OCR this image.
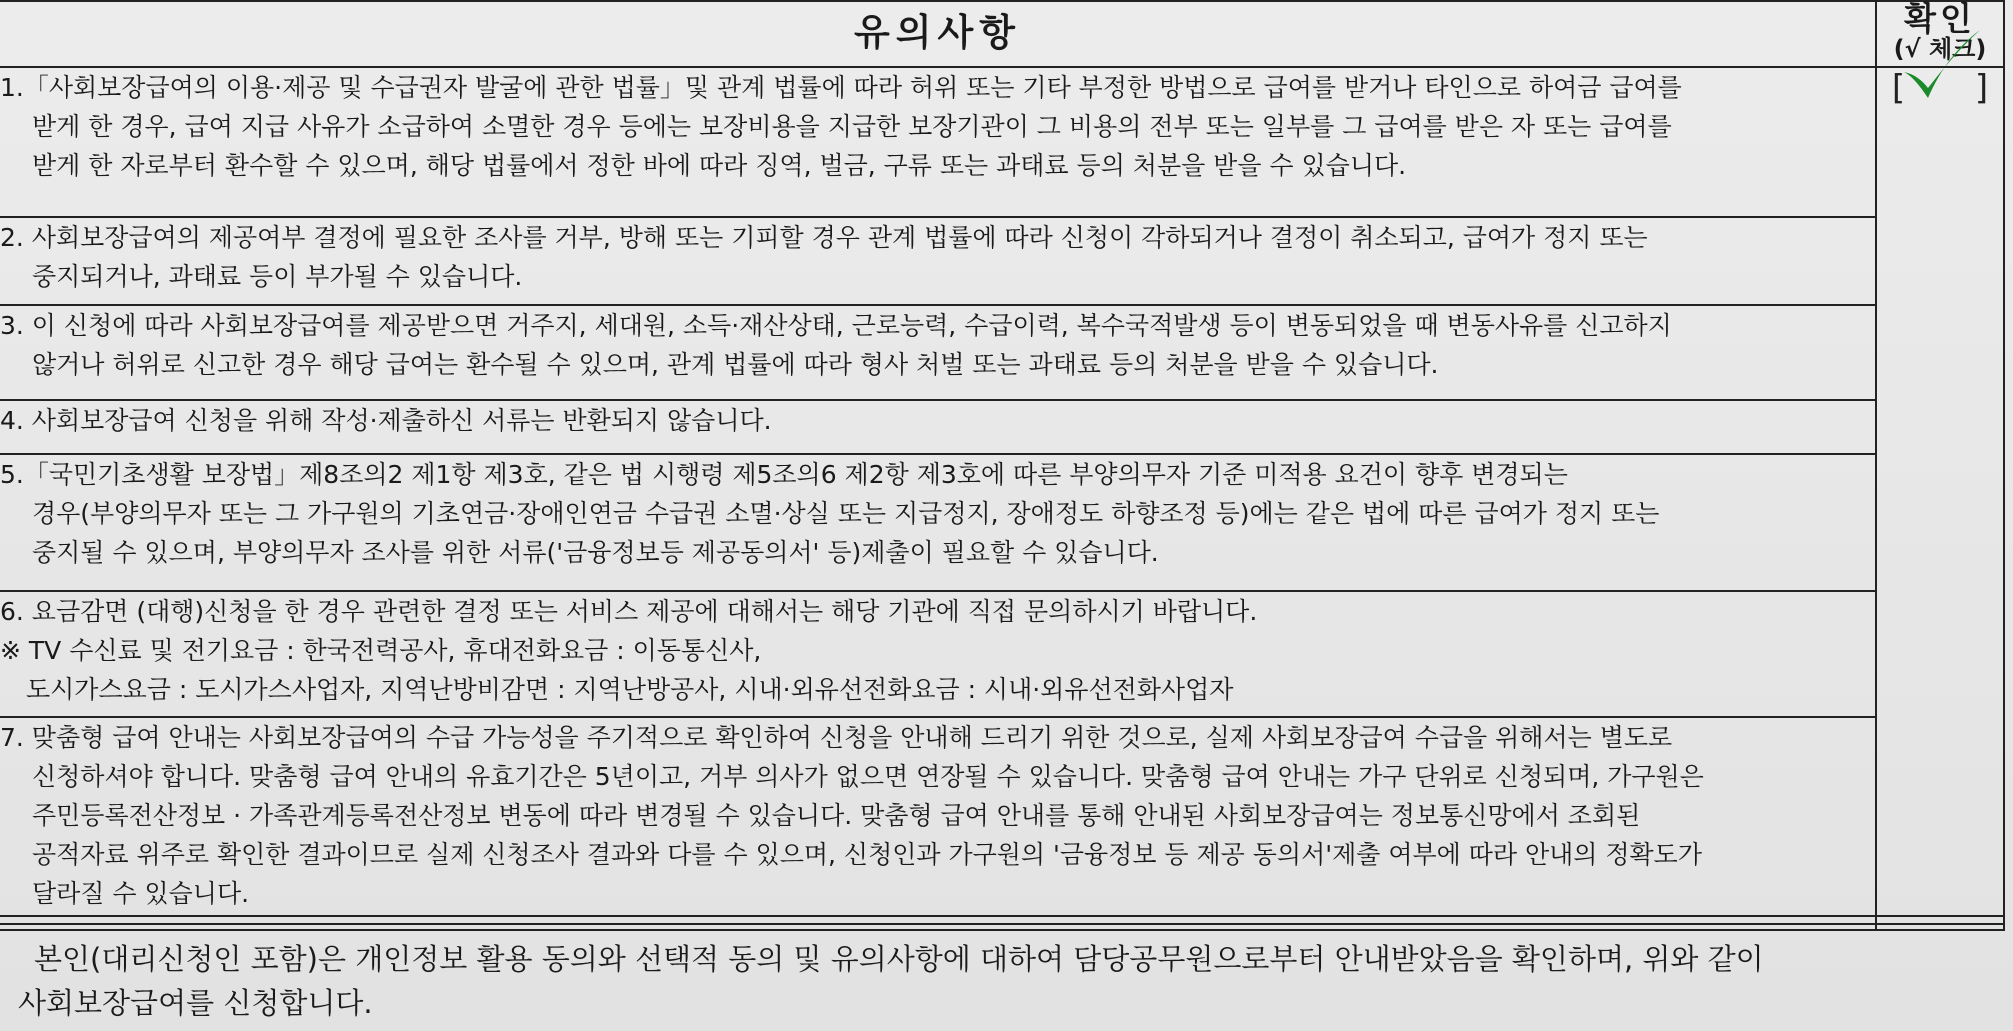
유의사항	확인
(√ 체크)

1.「사회보장급여의 이용·제공 및 수급권자 발굴에 관한 법률」및 관계 법률에 따라 허위 또는 기타 부정한 방법으로 급여를 받거나 타인으로 하여금 급여를
받게 한 경우, 급여 지급 사유가 소급하여 소멸한 경우 등에는 보장비용을 지급한 보장기관이 그 비용의 전부 또는 일부를 그 급여를 받은 자 또는 급여를
받게 한 자로부터 환수할 수 있으며, 해당 법률에서 정한 바에 따라 징역, 벌금, 구류 또는 과태료 등의 처분을 받을 수 있습니다.	[ ]

2. 사회보장급여의 제공여부 결정에 필요한 조사를 거부, 방해 또는 기피할 경우 관계 법률에 따라 신청이 각하되거나 결정이 취소되고, 급여가 정지 또는
중지되거나, 과태료 등이 부가될 수 있습니다.	

3. 이 신청에 따라 사회보장급여를 제공받으면 거주지, 세대원, 소득·재산상태, 근로능력, 수급이력, 복수국적발생 등이 변동되었을 때 변동사유를 신고하지
않거나 허위로 신고한 경우 해당 급여는 환수될 수 있으며, 관계 법률에 따라 형사 처벌 또는 과태료 등의 처분을 받을 수 있습니다.	

4. 사회보장급여 신청을 위해 작성·제출하신 서류는 반환되지 않습니다.	

5.「국민기초생활 보장법」제8조의2 제1항 제3호, 같은 법 시행령 제5조의6 제2항 제3호에 따른 부양의무자 기준 미적용 요건이 향후 변경되는
경우(부양의무자 또는 그 가구원의 기초연금·장애인연금 수급권 소멸·상실 또는 지급정지, 장애정도 하향조정 등)에는 같은 법에 따른 급여가 정지 또는
중지될 수 있으며, 부양의무자 조사를 위한 서류('금융정보등 제공동의서' 등)제출이 필요할 수 있습니다.	

6. 요금감면 (대행)신청을 한 경우 관련한 결정 또는 서비스 제공에 대해서는 해당 기관에 직접 문의하시기 바랍니다.
※ TV 수신료 및 전기요금 : 한국전력공사, 휴대전화요금 : 이동통신사,
도시가스요금 : 도시가스사업자, 지역난방비감면 : 지역난방공사, 시내·외유선전화요금 : 시내·외유선전화사업자	

7. 맞춤형 급여 안내는 사회보장급여의 수급 가능성을 주기적으로 확인하여 신청을 안내해 드리기 위한 것으로, 실제 사회보장급여 수급을 위해서는 별도로
신청하셔야 합니다. 맞춤형 급여 안내의 유효기간은 5년이고, 거부 의사가 없으면 연장될 수 있습니다. 맞춤형 급여 안내는 가구 단위로 신청되며, 가구원은
주민등록전산정보 · 가족관계등록전산정보 변동에 따라 변경될 수 있습니다. 맞춤형 급여 안내를 통해 안내된 사회보장급여는 정보통신망에서 조회된
공적자료 위주로 확인한 결과이므로 실제 신청조사 결과와 다를 수 있으며, 신청인과 가구원의 '금융정보 등 제공 동의서'제출 여부에 따라 안내의 정확도가
달라질 수 있습니다.	
본인(대리신청인 포함)은 개인정보 활용 동의와 선택적 동의 및 유의사항에 대하여 담당공무원으로부터 안내받았음을 확인하며, 위와 같이
사회보장급여를 신청합니다.
